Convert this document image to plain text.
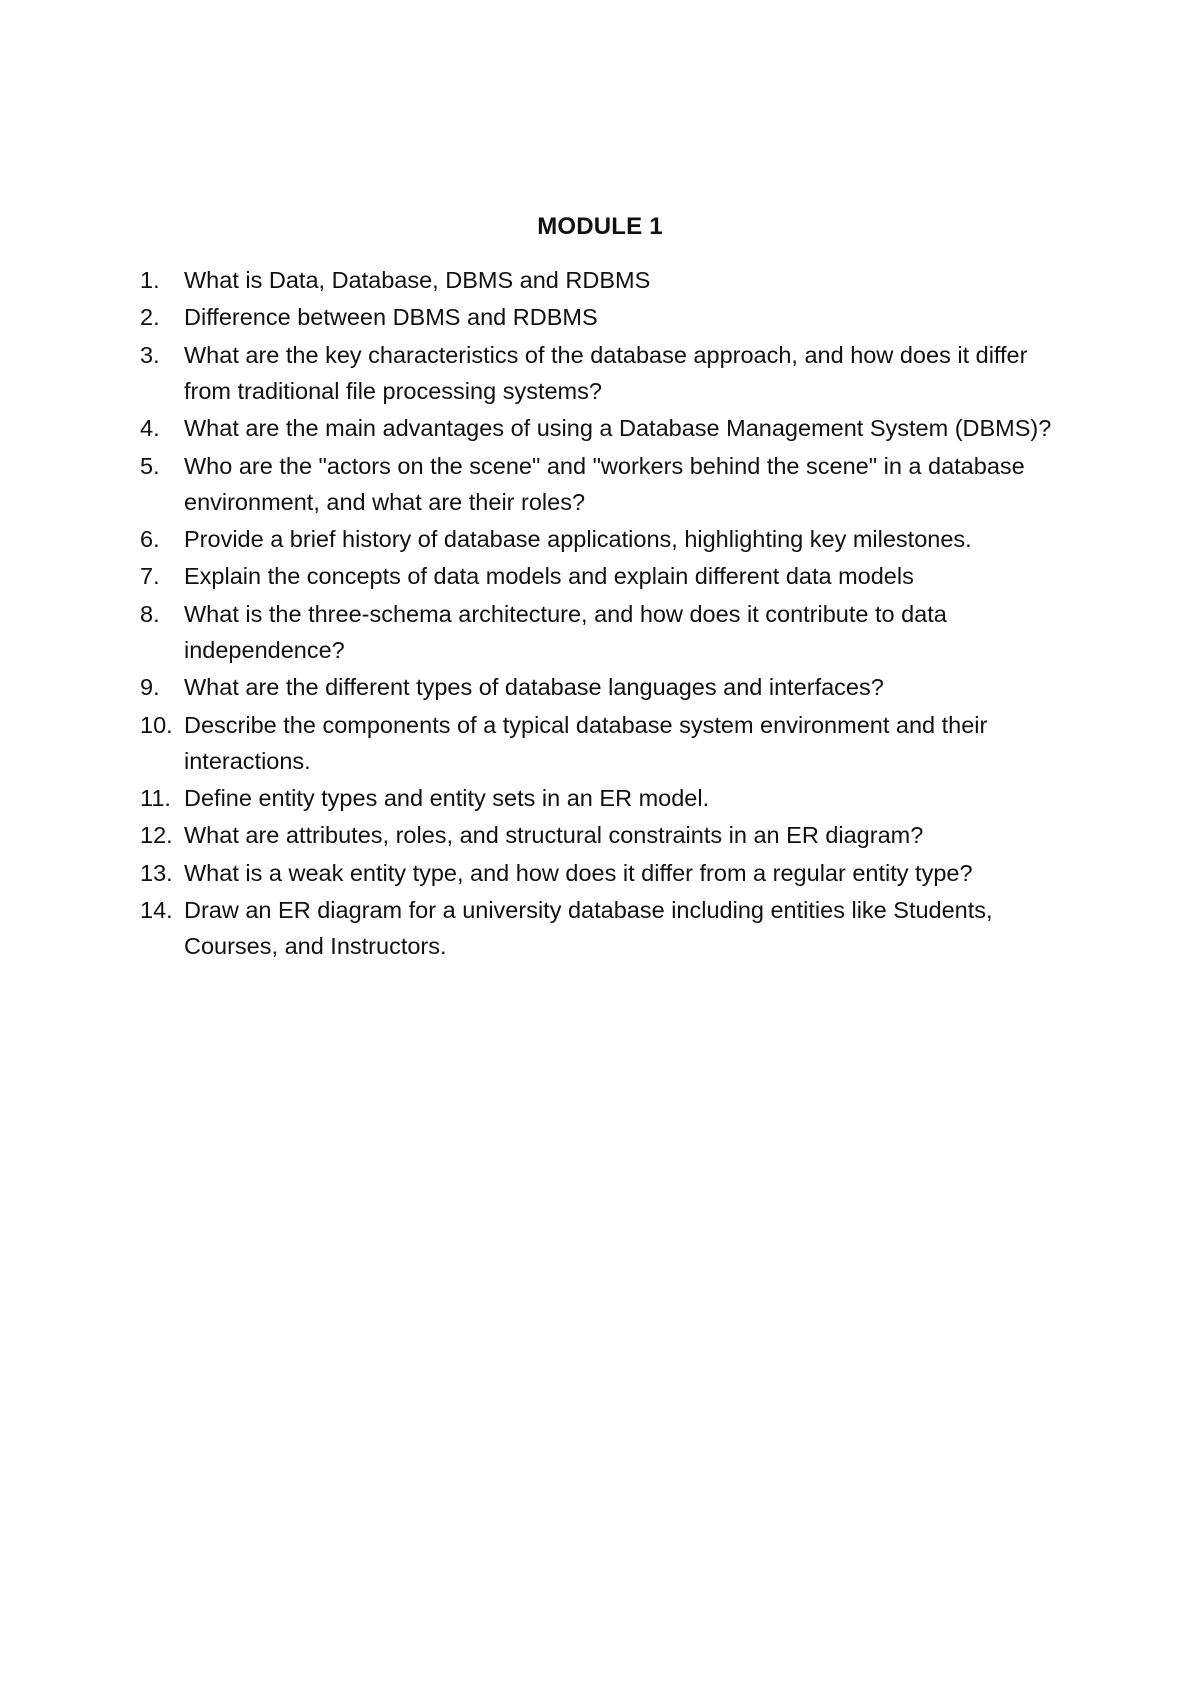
MODULE 1
1.	What is Data, Database, DBMS and RDBMS
2.	Difference between DBMS and RDBMS
3.	What are the key characteristics of the database approach, and how does it differ from traditional file processing systems?
4.	What are the main advantages of using a Database Management System (DBMS)?
5.	Who are the "actors on the scene" and "workers behind the scene" in a database environment, and what are their roles?
6.	Provide a brief history of database applications, highlighting key milestones.
7.	Explain the concepts of data models and explain different data models
8.	What is the three-schema architecture, and how does it contribute to data independence?
9.	What are the different types of database languages and interfaces?
10. Describe the components of a typical database system environment and their interactions.
11. Define entity types and entity sets in an ER model.
12. What are attributes, roles, and structural constraints in an ER diagram?
13. What is a weak entity type, and how does it differ from a regular entity type?
14. Draw an ER diagram for a university database including entities like Students, Courses, and Instructors.
